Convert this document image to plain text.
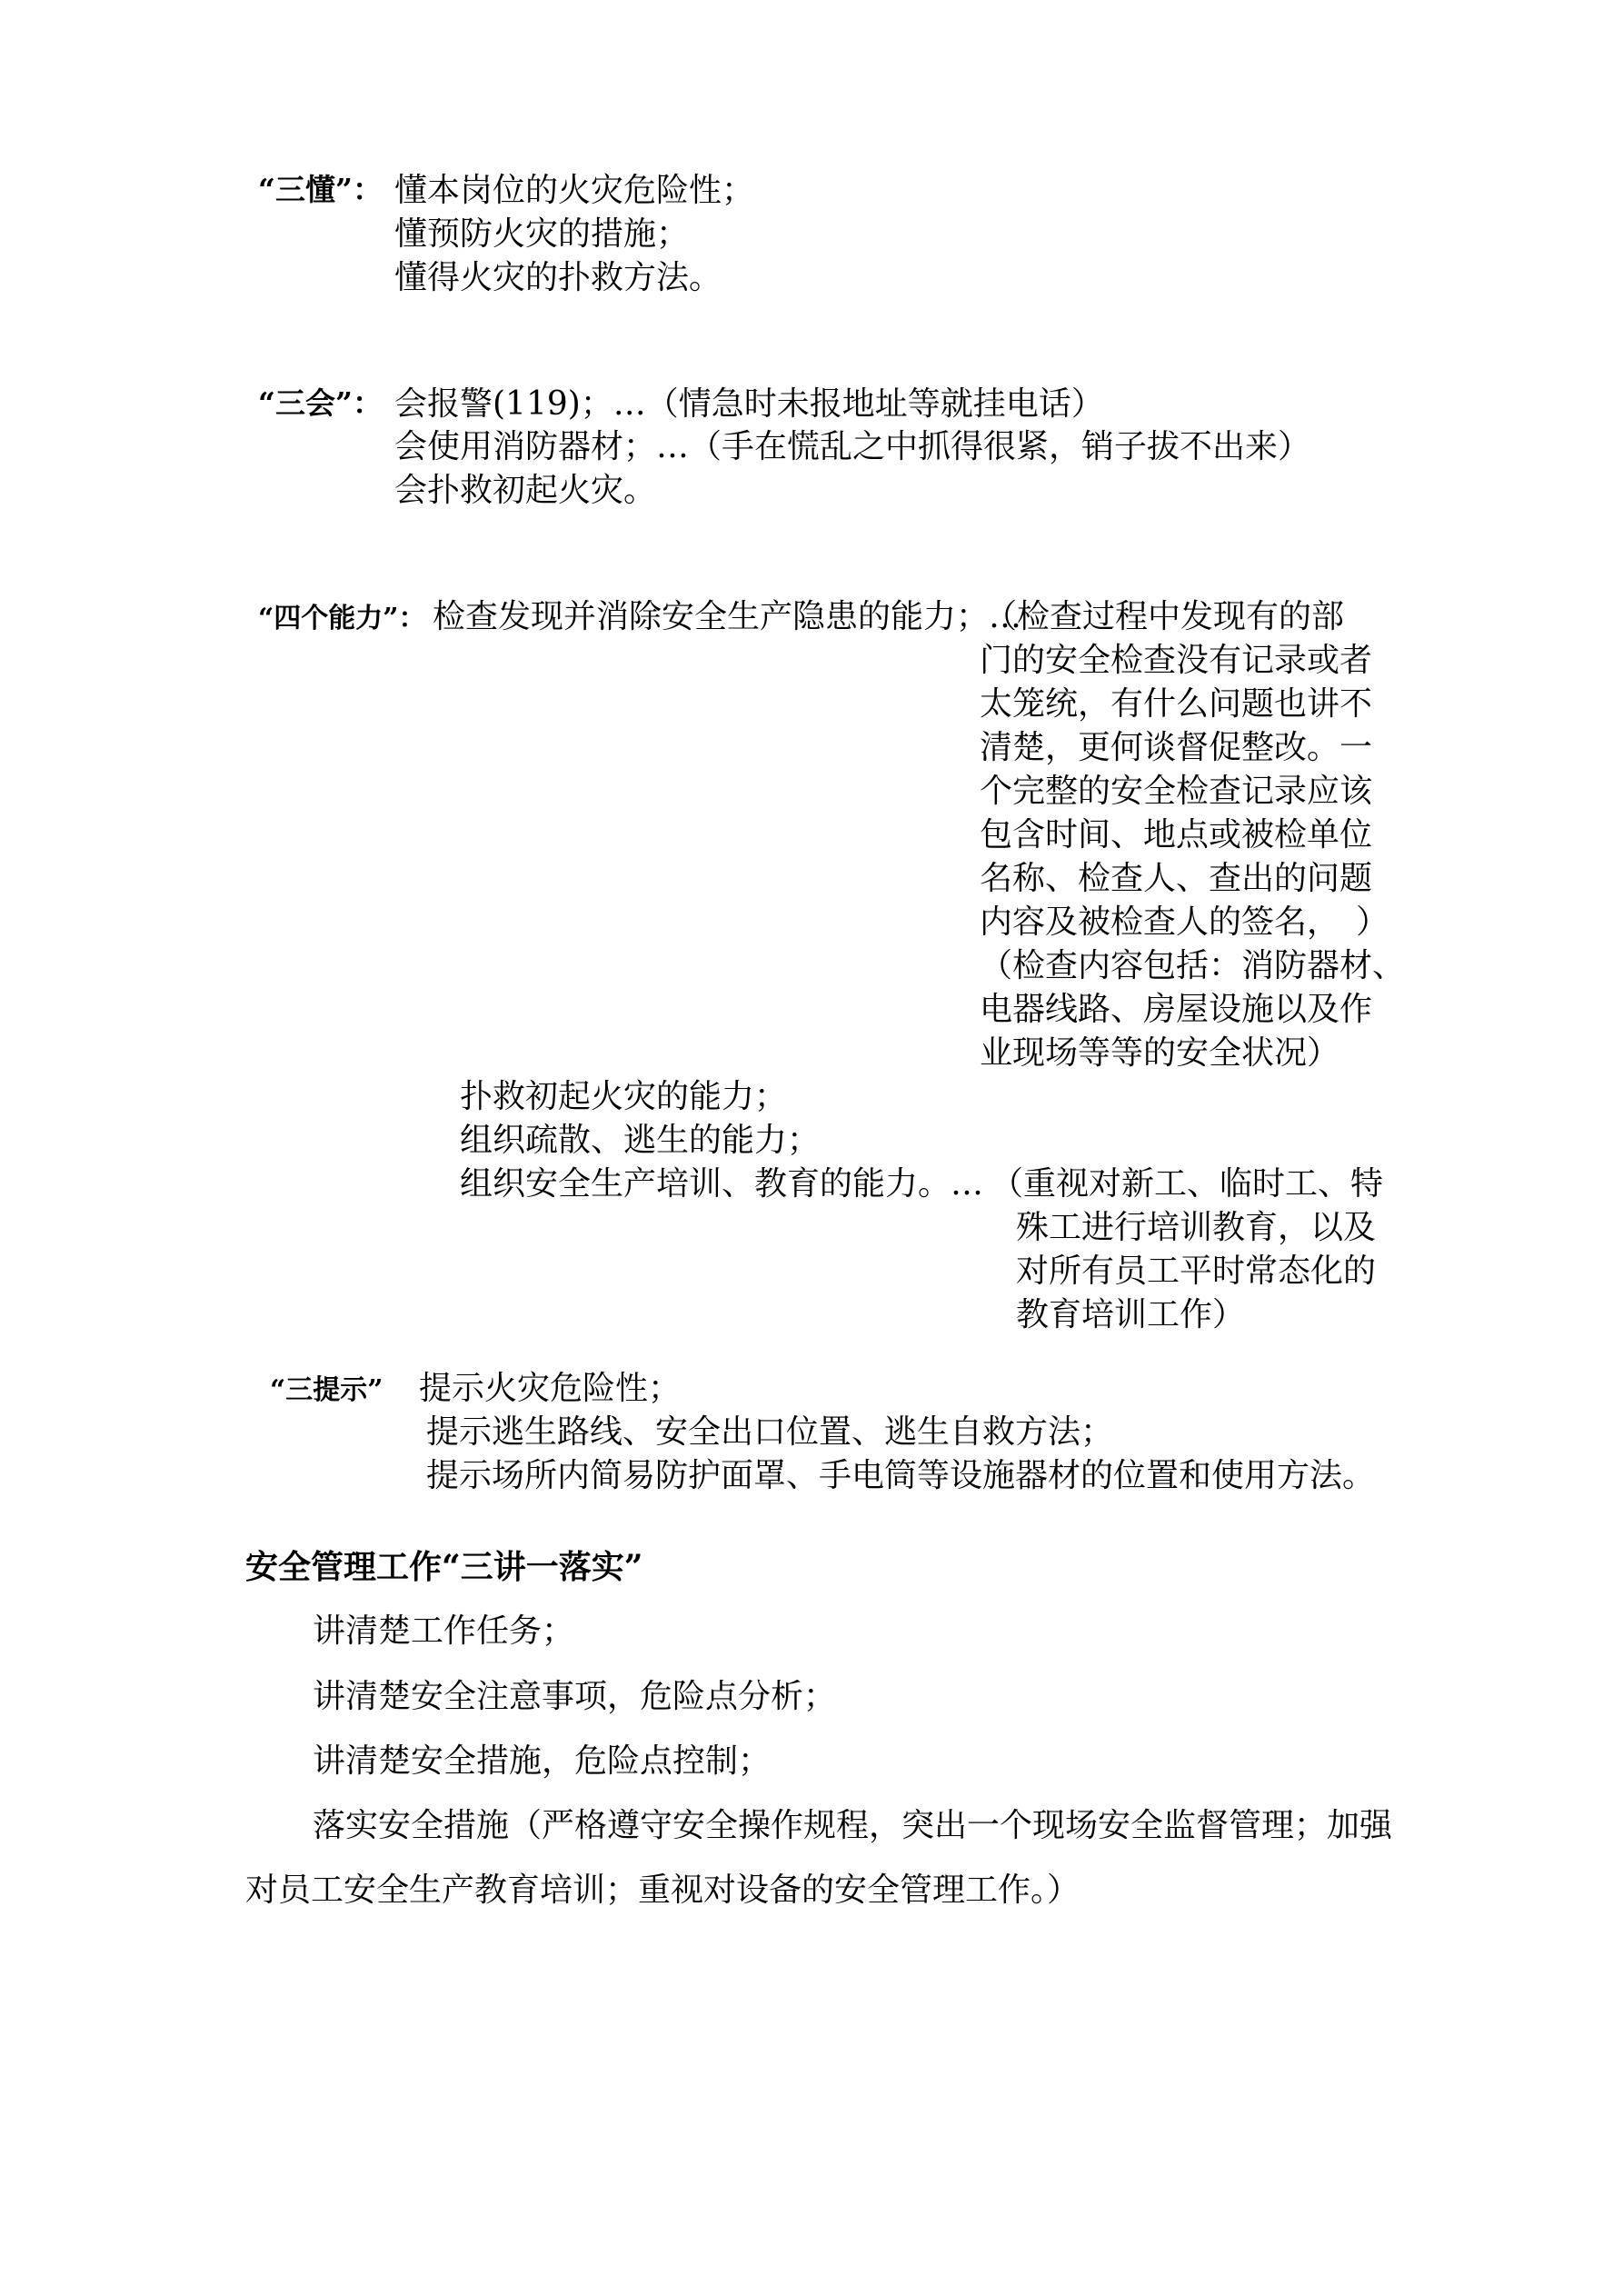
“三懂”： 懂本岗位的火灾危险性；
懂预防火灾的措施；
懂得火灾的扑救方法。
“三会”： 会报警(119)；…（情急时未报地址等就挂电话）
会使用消防器材；…（手在慌乱之中抓得很紧，销子拔不出来）
会扑救初起火灾。
“四个能力”： 检查发现并消除安全生产隐患的能力；…
（检查过程中发现有的部
门的安全检查没有记录或者
太笼统，有什么问题也讲不
清楚，更何谈督促整改。一
个完整的安全检查记录应该
包含时间、地点或被检单位
名称、检查人、查出的问题
内容及被检查人的签名，　）
（检查内容包括：消防器材、
电器线路、房屋设施以及作
业现场等等的安全状况）
扑救初起火灾的能力；
组织疏散、逃生的能力；
组织安全生产培训、教育的能力。… （重视对新工、临时工、特
殊工进行培训教育，以及
对所有员工平时常态化的
教育培训工作）
“三提示” 提示火灾危险性；
提示逃生路线、安全出口位置、逃生自救方法；
提示场所内简易防护面罩、手电筒等设施器材的位置和使用方法。
安全管理工作“三讲一落实”
讲清楚工作任务；
讲清楚安全注意事项，危险点分析；
讲清楚安全措施，危险点控制；
落实安全措施（严格遵守安全操作规程，突出一个现场安全监督管理；加强
对员工安全生产教育培训；重视对设备的安全管理工作。）
